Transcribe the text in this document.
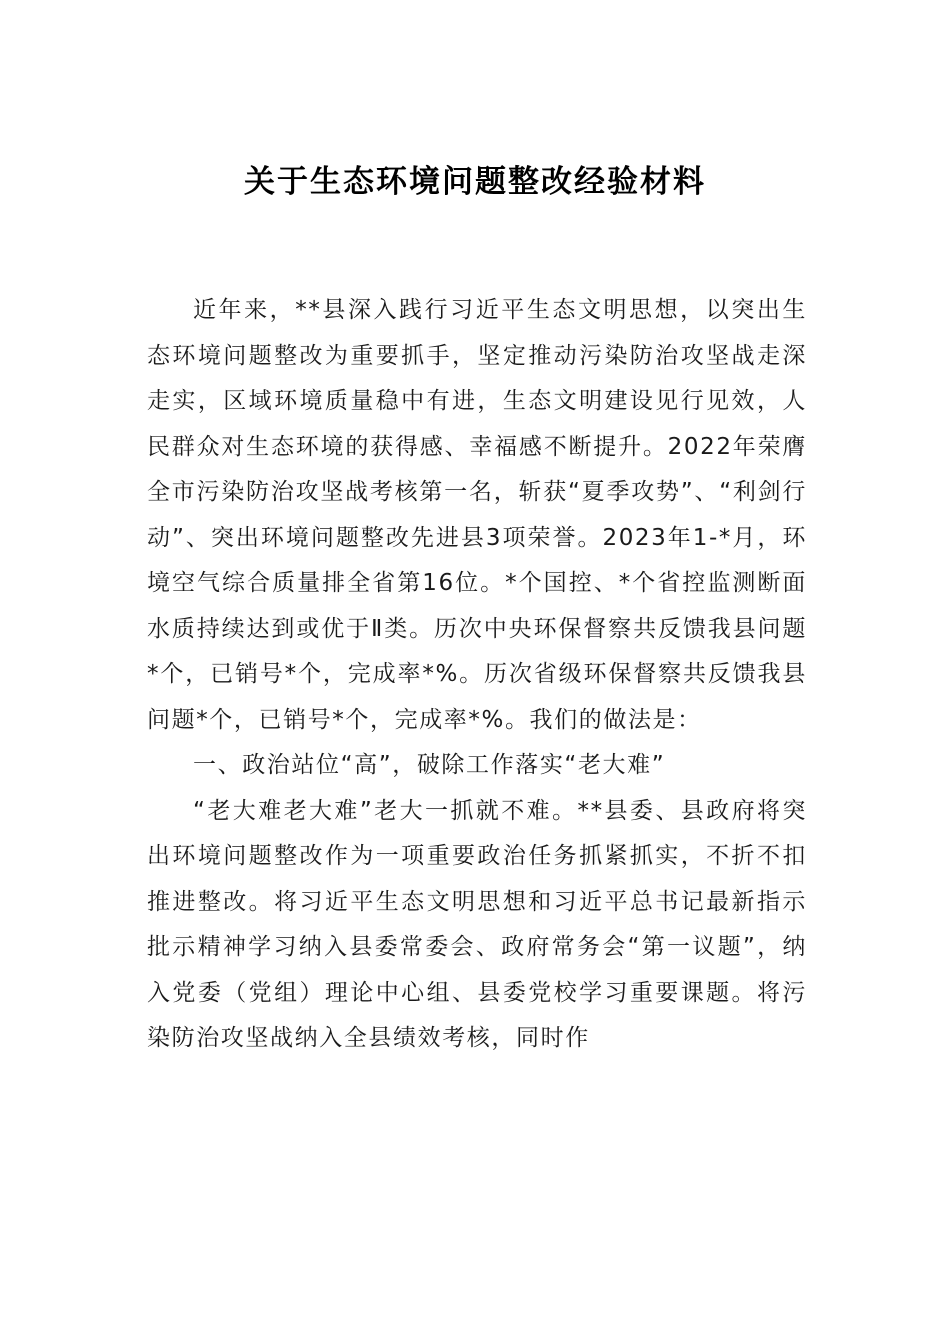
关于生态环境问题整改经验材料

近年来，**县深入践行习近平生态文明思想，以突出生态环境问题整改为重要抓手，坚定推动污染防治攻坚战走深走实，区域环境质量稳中有进，生态文明建设见行见效，人民群众对生态环境的获得感、幸福感不断提升。2022年荣膺全市污染防治攻坚战考核第一名，斩获“夏季攻势”、“利剑行动”、突出环境问题整改先进县3项荣誉。2023年1-*月，环境空气综合质量排全省第16位。*个国控、*个省控监测断面水质持续达到或优于Ⅱ类。历次中央环保督察共反馈我县问题*个，已销号*个，完成率*%。历次省级环保督察共反馈我县问题*个，已销号*个，完成率*%。我们的做法是：

一、政治站位“高”，破除工作落实“老大难”

“老大难老大难”老大一抓就不难。**县委、县政府将突出环境问题整改作为一项重要政治任务抓紧抓实，不折不扣推进整改。将习近平生态文明思想和习近平总书记最新指示批示精神学习纳入县委常委会、政府常务会“第一议题”，纳入党委（党组）理论中心组、县委党校学习重要课题。将污染防治攻坚战纳入全县绩效考核，同时作
